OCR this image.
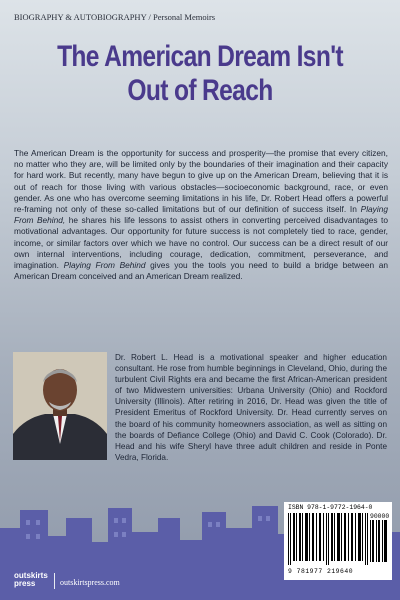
BIOGRAPHY & AUTOBIOGRAPHY / Personal Memoirs
The American Dream Isn't
Out of Reach
The American Dream is the opportunity for success and prosperity—the promise that every citizen, no matter who they are, will be limited only by the boundaries of their imagination and their capacity for hard work. But recently, many have begun to give up on the American Dream, believing that it is out of reach for those living with various obstacles—socioeconomic background, race, or even gender. As one who has overcome seeming limitations in his life, Dr. Robert Head offers a powerful re-framing not only of these so-called limitations but of our definition of success itself. In Playing From Behind, he shares his life lessons to assist others in converting perceived disadvantages to motivational advantages. Our opportunity for future success is not completely tied to race, gender, income, or similar factors over which we have no control. Our success can be a direct result of our own internal interventions, including courage, dedication, commitment, perseverance, and imagination. Playing From Behind gives you the tools you need to build a bridge between an American Dream conceived and an American Dream realized.
Dr. Robert L. Head is a motivational speaker and higher education consultant. He rose from humble beginnings in Cleveland, Ohio, during the turbulent Civil Rights era and became the first African-American president of two Midwestern universities: Urbana University (Ohio) and Rockford University (Illinois). After retiring in 2016, Dr. Head was given the title of President Emeritus of Rockford University. Dr. Head currently serves on the board of his community homeowners association, as well as sitting on the boards of Defiance College (Ohio) and David C. Cook (Colorado). Dr. Head and his wife Sheryl have three adult children and reside in Ponte Vedra, Florida.
ISBN 978-1-9772-1964-0
90000
9 781977 219640
outskirts
press	outskirtspress.com
